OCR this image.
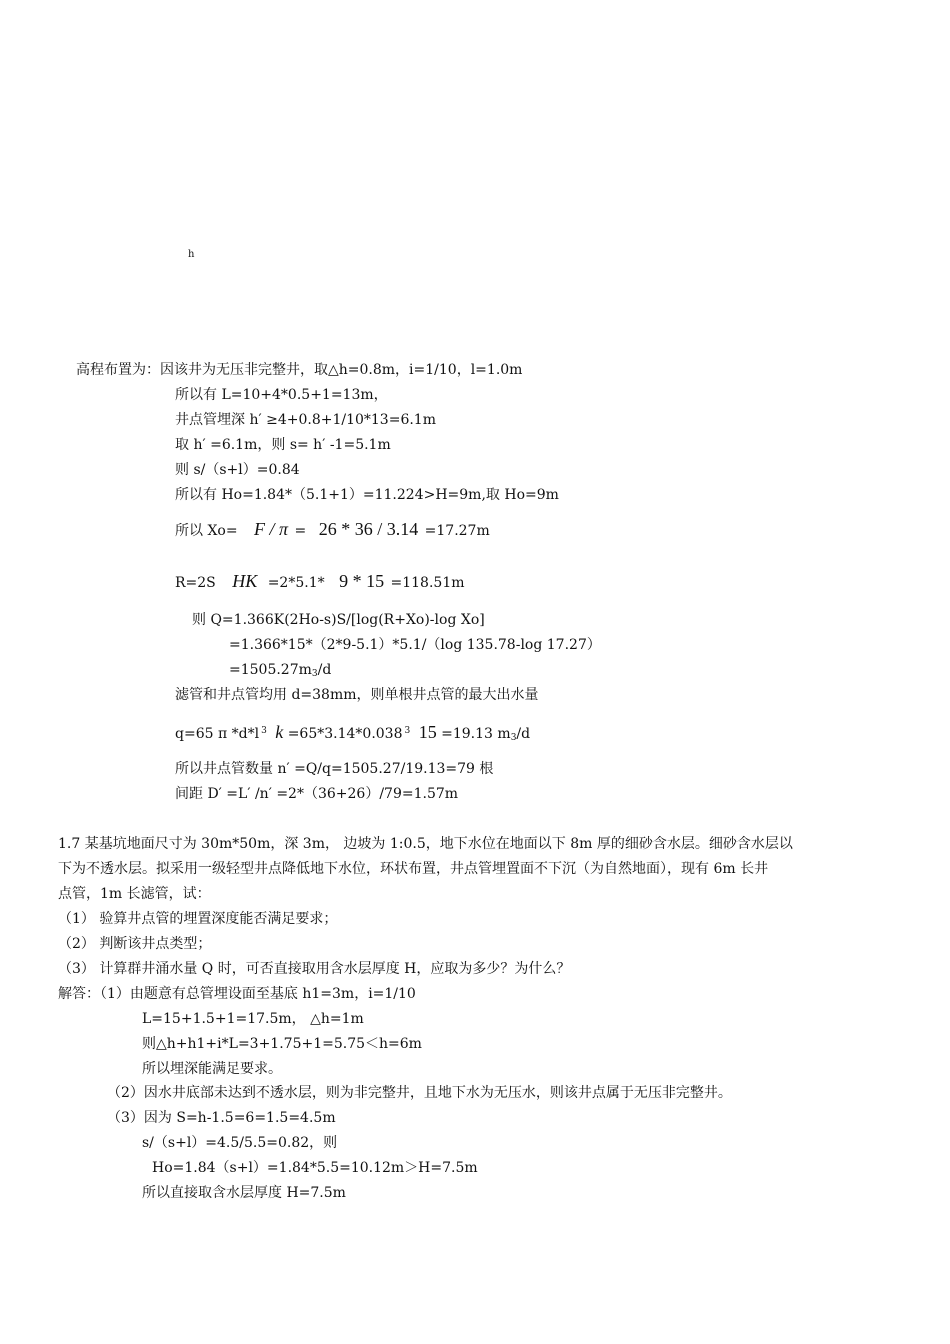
h
高程布置为：因该井为无压非完整井，取△h=0.8m，i=1/10，l=1.0m
所以有 L=10+4*0.5+1=13m，
井点管埋深 h′ ≥4+0.8+1/10*13=6.1m
取 h′ =6.1m，则 s= h′ -1=5.1m
则 s/（s+l）=0.84
所以有 Ho=1.84*（5.1+1）=11.224>H=9m,取 Ho=9m
所以 Xo= F / π = 26 * 36 / 3.14 =17.27m
R=2S HK =2*5.1* 9 * 15 =118.51m
则 Q=1.366K(2Ho-s)S/[log(R+Xo)-log Xo]
=1.366*15*（2*9-5.1）*5.1/（log 135.78-log 17.27）
=1505.27m3/d
滤管和井点管均用 d=38mm，则单根井点管的最大出水量
q=65 π *d*l $^3$ k =65*3.14*0.038 $^3$ 15 =19.13 m3/d
所以井点管数量 n′ =Q/q=1505.27/19.13=79 根
间距 D′ =L′ /n′ =2*（36+26）/79=1.57m
1.7 某基坑地面尺寸为 30m*50m，深 3m， 边坡为 1:0.5，地下水位在地面以下 8m 厚的细砂含水层。细砂含水层以
下为不透水层。拟采用一级轻型井点降低地下水位，环状布置，井点管埋置面不下沉（为自然地面），现有 6m 长井
点管，1m 长滤管，试：
（1） 验算井点管的埋置深度能否满足要求；
（2） 判断该井点类型；
（3） 计算群井涌水量 Q 时，可否直接取用含水层厚度 H，应取为多少？为什么？
解答：（1）由题意有总管埋设面至基底 h1=3m，i=1/10
L=15+1.5+1=17.5m， △h=1m
则△h+h1+i*L=3+1.75+1=5.75＜h=6m
所以埋深能满足要求。
（2）因水井底部未达到不透水层，则为非完整井，且地下水为无压水，则该井点属于无压非完整井。
（3）因为 S=h-1.5=6=1.5=4.5m
s/（s+l）=4.5/5.5=0.82，则
Ho=1.84（s+l）=1.84*5.5=10.12m＞H=7.5m
所以直接取含水层厚度 H=7.5m
